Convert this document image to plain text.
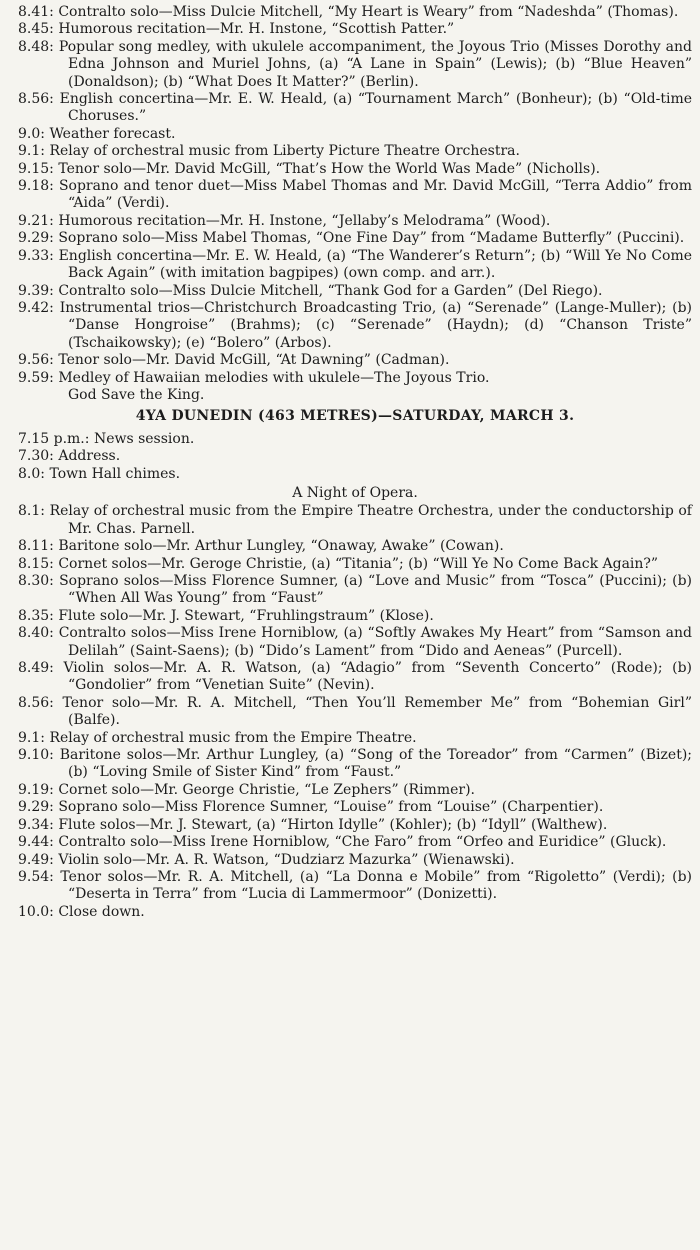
8.41: Contralto solo—Miss Dulcie Mitchell, “My Heart is Weary” from “Nadeshda” (Thomas).
8.45: Humorous recitation—Mr. H. Instone, “Scottish Patter.”
8.48: Popular song medley, with ukulele accompaniment, the Joyous Trio (Misses Dorothy and Edna Johnson and Muriel Johns, (a) “A Lane in Spain” (Lewis); (b) “Blue Heaven” (Donaldson); (b) “What Does It Matter?” (Berlin).
8.56: English concertina—Mr. E. W. Heald, (a) “Tournament March” (Bonheur); (b) “Old-time Choruses.”
9.0: Weather forecast.
9.1: Relay of orchestral music from Liberty Picture Theatre Orchestra.
9.15: Tenor solo—Mr. David McGill, “That’s How the World Was Made” (Nicholls).
9.18: Soprano and tenor duet—Miss Mabel Thomas and Mr. David McGill, “Terra Addio” from “Aida” (Verdi).
9.21: Humorous recitation—Mr. H. Instone, “Jellaby’s Melodrama” (Wood).
9.29: Soprano solo—Miss Mabel Thomas, “One Fine Day” from “Madame Butterfly” (Puccini).
9.33: English concertina—Mr. E. W. Heald, (a) “The Wanderer’s Return”; (b) “Will Ye No Come Back Again” (with imitation bagpipes) (own comp. and arr.).
9.39: Contralto solo—Miss Dulcie Mitchell, “Thank God for a Garden” (Del Riego).
9.42: Instrumental trios—Christchurch Broadcasting Trio, (a) “Serenade” (Lange-Muller); (b) “Danse Hongroise” (Brahms); (c) “Serenade” (Haydn); (d) “Chanson Triste” (Tschaikowsky); (e) “Bolero” (Arbos).
9.56: Tenor solo—Mr. David McGill, “At Dawning” (Cadman).
9.59: Medley of Hawaiian melodies with ukulele—The Joyous Trio.
God Save the King.
4YA DUNEDIN (463 METRES)—SATURDAY, MARCH 3.
7.15 p.m.: News session.
7.30: Address.
8.0: Town Hall chimes.
A Night of Opera.
8.1: Relay of orchestral music from the Empire Theatre Orchestra, under the conductorship of Mr. Chas. Parnell.
8.11: Baritone solo—Mr. Arthur Lungley, “Onaway, Awake” (Cowan).
8.15: Cornet solos—Mr. Geroge Christie, (a) “Titania”; (b) “Will Ye No Come Back Again?”
8.30: Soprano solos—Miss Florence Sumner, (a) “Love and Music” from “Tosca” (Puccini); (b) “When All Was Young” from “Faust”
8.35: Flute solo—Mr. J. Stewart, “Fruhlingstraum” (Klose).
8.40: Contralto solos—Miss Irene Horniblow, (a) “Softly Awakes My Heart” from “Samson and Delilah” (Saint-Saens); (b) “Dido’s Lament” from “Dido and Aeneas” (Purcell).
8.49: Violin solos—Mr. A. R. Watson, (a) “Adagio” from “Seventh Concerto” (Rode); (b) “Gondolier” from “Venetian Suite” (Nevin).
8.56: Tenor solo—Mr. R. A. Mitchell, “Then You’ll Remember Me” from “Bohemian Girl” (Balfe).
9.1: Relay of orchestral music from the Empire Theatre.
9.10: Baritone solos—Mr. Arthur Lungley, (a) “Song of the Toreador” from “Carmen” (Bizet); (b) “Loving Smile of Sister Kind” from “Faust.”
9.19: Cornet solo—Mr. George Christie, “Le Zephers” (Rimmer).
9.29: Soprano solo—Miss Florence Sumner, “Louise” from “Louise” (Charpentier).
9.34: Flute solos—Mr. J. Stewart, (a) “Hirton Idylle” (Kohler); (b) “Idyll” (Walthew).
9.44: Contralto solo—Miss Irene Horniblow, “Che Faro” from “Orfeo and Euridice” (Gluck).
9.49: Violin solo—Mr. A. R. Watson, “Dudziarz Mazurka” (Wienawski).
9.54: Tenor solos—Mr. R. A. Mitchell, (a) “La Donna e Mobile” from “Rigoletto” (Verdi); (b) “Deserta in Terra” from “Lucia di Lammermoor” (Donizetti).
10.0: Close down.
